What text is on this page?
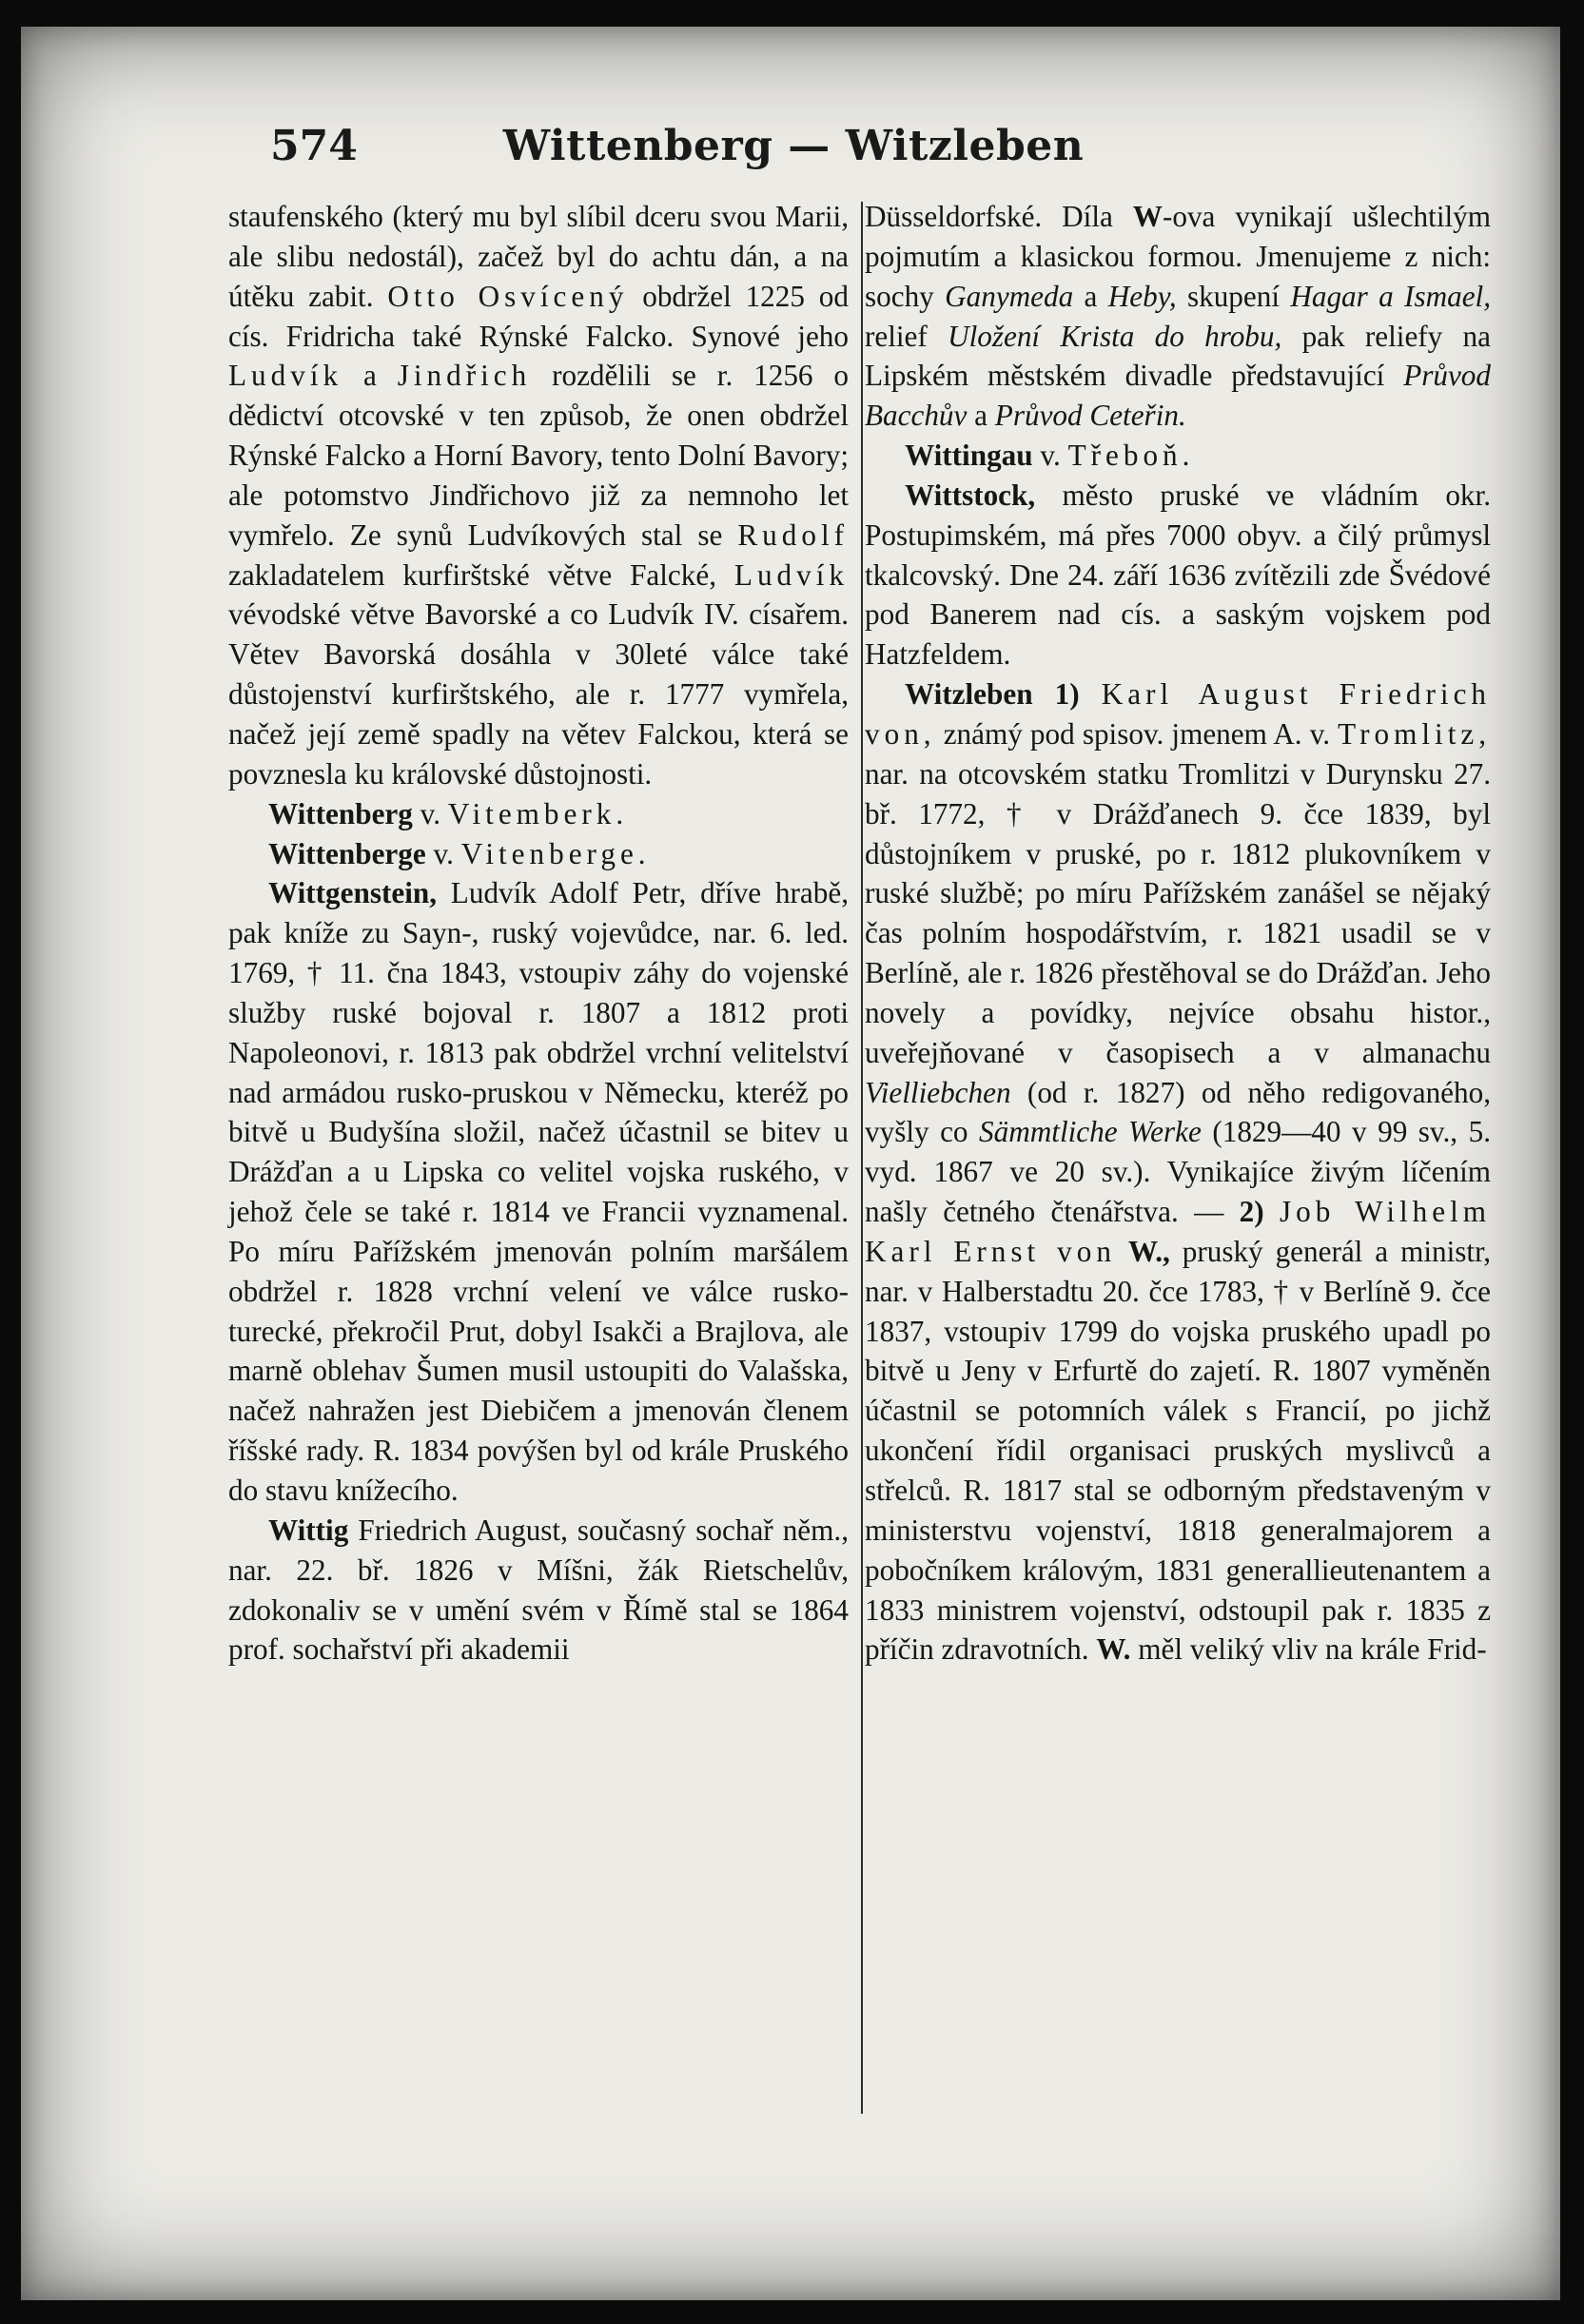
574	Wittenberg — Witzleben

staufenského (který mu byl slíbil dceru svou Marii, ale slibu nedostál), začež byl do achtu dán, a na útěku zabit. Otto Osvícený obdržel 1225 od cís. Fridricha také Rýnské Falcko. Synové jeho Ludvík a Jindřich rozdělili se r. 1256 o dědictví otcovské v ten způsob, že onen obdržel Rýnské Falcko a Horní Bavory, tento Dolní Bavory; ale potomstvo Jindřichovo již za nemnoho let vymřelo. Ze synů Ludvíkových stal se Rudolf zakladatelem kurfirštské větve Falcké, Ludvík vévodské větve Bavorské a co Ludvík IV. císařem. Větev Bavorská dosáhla v 30leté válce také důstojenství kurfirštského, ale r. 1777 vymřela, načež její země spadly na větev Falckou, která se povznesla ku královské důstojnosti.

Wittenberg v. Vitemberk.

Wittenberge v. Vitenberge.

Wittgenstein, Ludvík Adolf Petr, dříve hrabě, pak kníže zu Sayn-, ruský vojevůdce, nar. 6. led. 1769, † 11. čna 1843, vstoupiv záhy do vojenské služby ruské bojoval r. 1807 a 1812 proti Napoleonovi, r. 1813 pak obdržel vrchní velitelství nad armádou rusko-pruskou v Německu, kteréž po bitvě u Budyšína složil, načež účastnil se bitev u Drážďan a u Lipska co velitel vojska ruského, v jehož čele se také r. 1814 ve Francii vyznamenal. Po míru Pařížském jmenován polním maršálem obdržel r. 1828 vrchní velení ve válce rusko-turecké, překročil Prut, dobyl Isakči a Brajlova, ale marně oblehav Šumen musil ustoupiti do Valašska, načež nahražen jest Diebičem a jmenován členem říšské rady. R. 1834 povýšen byl od krále Pruského do stavu knížecího.

Wittig Friedrich August, současný sochař něm., nar. 22. bř. 1826 v Míšni, žák Rietschelův, zdokonaliv se v umění svém v Římě stal se 1864 prof. sochařství při akademii

Düsseldorfské. Díla W-ova vynikají ušlechtilým pojmutím a klasickou formou. Jmenujeme z nich: sochy Ganymeda a Heby, skupení Hagar a Ismael, relief Uložení Krista do hrobu, pak reliefy na Lipském městském divadle představující Průvod Bacchův a Průvod Ceteřin.

Wittingau v. Třeboň.

Wittstock, město pruské ve vládním okr. Postupimském, má přes 7000 obyv. a čilý průmysl tkalcovský. Dne 24. září 1636 zvítězili zde Švédové pod Banerem nad cís. a saským vojskem pod Hatzfeldem.

Witzleben 1) Karl August Friedrich von, známý pod spisov. jmenem A. v. Tromlitz, nar. na otcovském statku Tromlitzi v Durynsku 27. bř. 1772, † v Drážďanech 9. čce 1839, byl důstojníkem v pruské, po r. 1812 plukovníkem v ruské službě; po míru Pařížském zanášel se nějaký čas polním hospodářstvím, r. 1821 usadil se v Berlíně, ale r. 1826 přestěhoval se do Drážďan. Jeho novely a povídky, nejvíce obsahu histor., uveřejňované v časopisech a v almanachu Vielliebchen (od r. 1827) od něho redigovaného, vyšly co Sämmtliche Werke (1829—40 v 99 sv., 5. vyd. 1867 ve 20 sv.). Vynikajíce živým líčením našly četného čtenářstva. — 2) Job Wilhelm Karl Ernst von W., pruský generál a ministr, nar. v Halberstadtu 20. čce 1783, † v Berlíně 9. čce 1837, vstoupiv 1799 do vojska pruského upadl po bitvě u Jeny v Erfurtě do zajetí. R. 1807 vyměněn účastnil se potomních válek s Francií, po jichž ukončení řídil organisaci pruských myslivců a střelců. R. 1817 stal se odborným představeným v ministerstvu vojenství, 1818 generalmajorem a pobočníkem královým, 1831 generallieutenantem a 1833 ministrem vojenství, odstoupil pak r. 1835 z příčin zdravotních. W. měl veliký vliv na krále Frid-
